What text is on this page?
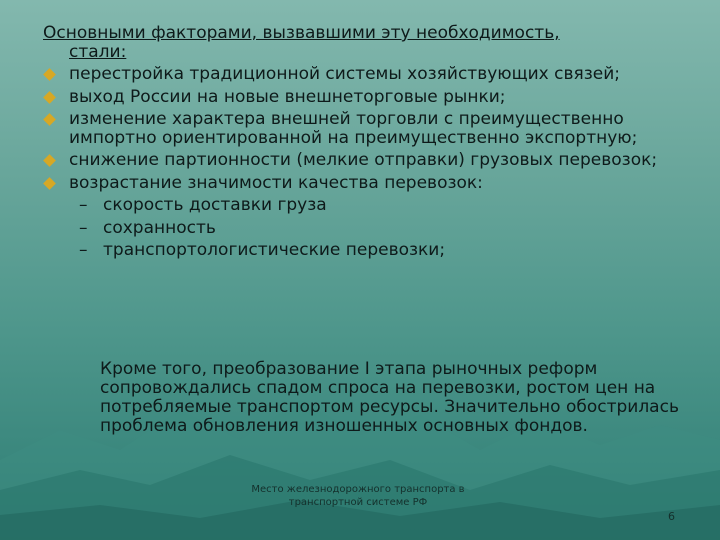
Основными факторами, вызвавшими эту необходимость,
стали:
перестройка традиционной системы хозяйствующих связей;
выход России на новые внешнеторговые рынки;
изменение характера внешней торговли с преимущественно импортно ориентированной на преимущественно экспортную;
снижение партионности (мелкие отправки) грузовых перевозок;
возрастание значимости качества перевозок:
– скорость доставки груза
– сохранность
– транспортологистические перевозки;
Кроме того, преобразование I этапа рыночных реформ сопровождались спадом спроса на перевозки, ростом цен на потребляемые транспортом ресурсы. Значительно обострилась проблема обновления изношенных основных фондов.
Место железнодорожного транспорта в транспортной системе РФ
6
